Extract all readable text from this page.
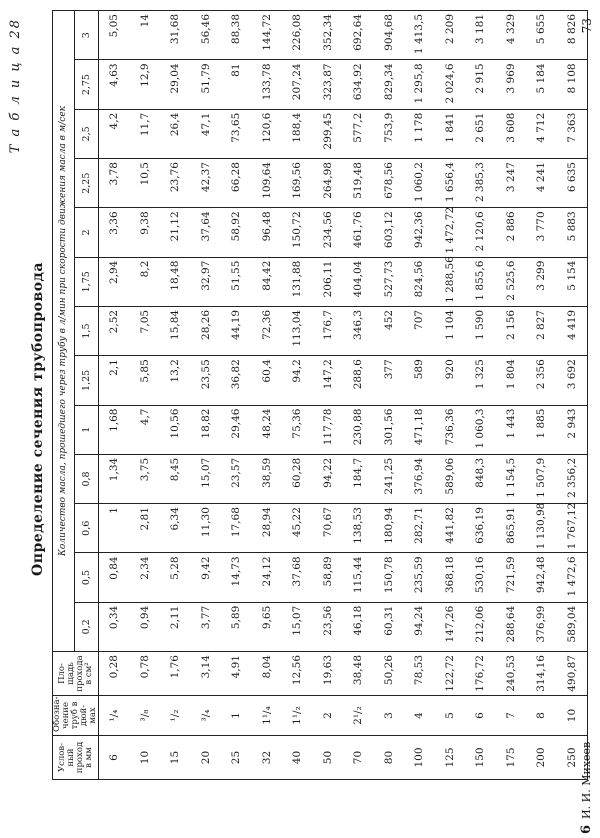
Т а б л и ц а 28
Определение сечения трубопровода
Услов- ный проход в мм	Обозна- чение труб в дюй- мах	Пло- щадь прохода в см²	Количество масла, прошедшего через трубу в л/мин при скорости движения масла в м/сек												
			0,2	0,5	0,6	0,8	1	1,25	1,5	1,75	2	2,25	2,5	2,75	3
6	¹/₄	0,28	0,34	0,84	1	1,34	1,68	2,1	2,52	2,94	3,36	3,78	4,2	4,63	5,05
10	³/₈	0,78	0,94	2,34	2,81	3,75	4,7	5,85	7,05	8,2	9,38	10,5	11,7	12,9	14
15	¹/₂	1,76	2,11	5,28	6,34	8,45	10,56	13,2	15,84	18,48	21,12	23,76	26,4	29,04	31,68
20	³/₄	3,14	3,77	9,42	11,30	15,07	18,82	23,55	28,26	32,97	37,64	42,37	47,1	51,79	56,46
25	1	4,91	5,89	14,73	17,68	23,57	29,46	36,82	44,19	51,55	58,92	66,28	73,65	81	88,38
32	1¹/₄	8,04	9,65	24,12	28,94	38,59	48,24	60,4	72,36	84,42	96,48	109,64	120,6	133,78	144,72
40	1¹/₂	12,56	15,07	37,68	45,22	60,28	75,36	94,2	113,04	131,88	150,72	169,56	188,4	207,24	226,08
50	2	19,63	23,56	58,89	70,67	94,22	117,78	147,2	176,7	206,11	234,56	264,98	299,45	323,87	352,34
70	2¹/₂	38,48	46,18	115,44	138,53	184,7	230,88	288,6	346,3	404,04	461,76	519,48	577,2	634,92	692,64
80	3	50,26	60,31	150,78	180,94	241,25	301,56	377	452	527,73	603,12	678,56	753,9	829,34	904,68
100	4	78,53	94,24	235,59	282,71	376,94	471,18	589	707	824,56	942,36	1 060,2	1 178	1 295,8	1 413,5
125	5	122,72	147,26	368,18	441,82	589,06	736,36	920	1 104	1 288,56	1 472,72	1 656,4	1 841	2 024,6	2 209
150	6	176,72	212,06	530,16	636,19	848,3	1 060,3	1 325	1 590	1 855,6	2 120,6	2 385,3	2 651	2 915	3 181
175	7	240,53	288,64	721,59	865,91	1 154,5	1 443	1 804	2 156	2 525,6	2 886	3 247	3 608	3 969	4 329
200	8	314,16	376,99	942,48	1 130,98	1 507,9	1 885	2 356	2 827	3 299	3 770	4 241	4 712	5 184	5 655
250	10	490,87	589,04	1 472,6	1 767,12	2 356,2	2 943	3 692	4 419	5 154	5 883	6 635	7 363	8 108	8 826
6И. И. Михеев
73
